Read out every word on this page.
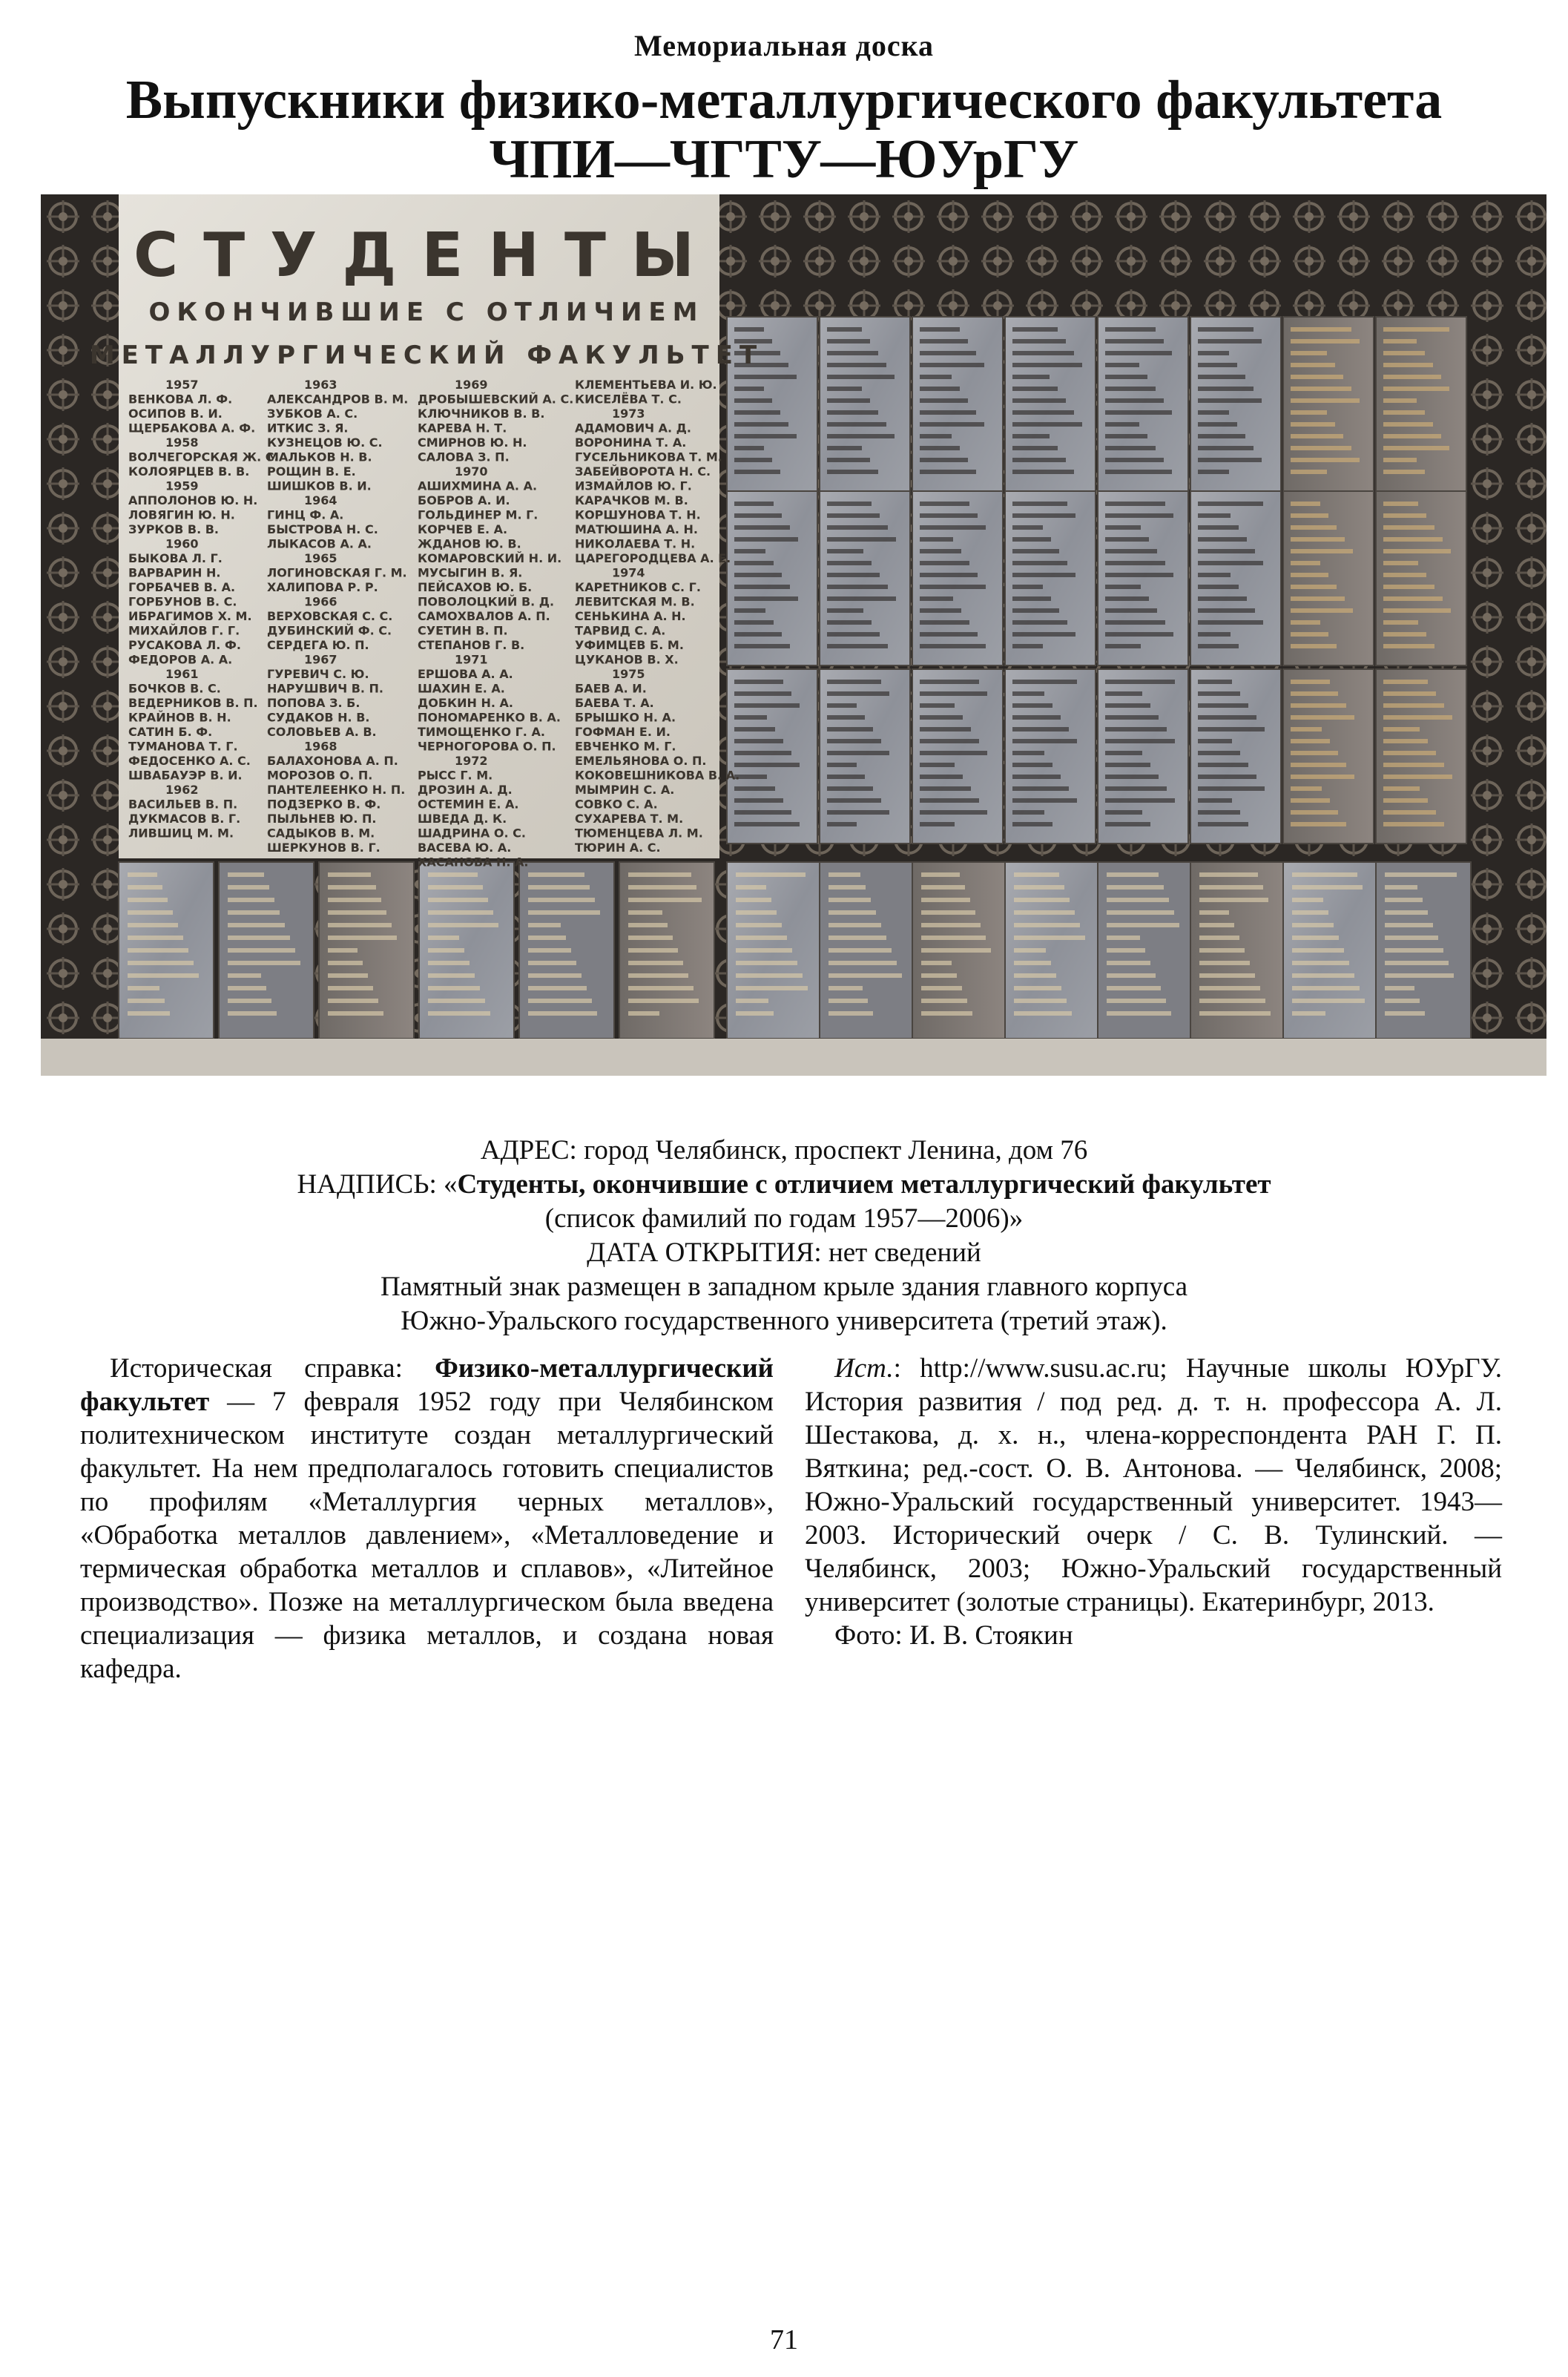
Мемориальная доска
Выпускники физико-металлургического факультета
ЧПИ—ЧГТУ—ЮУрГУ
СТУДЕНТЫ
ОКОНЧИВШИЕ С ОТЛИЧИЕМ
МЕТАЛЛУРГИЧЕСКИЙ ФАКУЛЬТЕТ
1957
ВЕНКОВА Л. Ф.
ОСИПОВ В. И.
ЩЕРБАКОВА А. Ф.
1958
ВОЛЧЕГОРСКАЯ Ж. С.
КОЛОЯРЦЕВ В. В.
1959
АППОЛОНОВ Ю. Н.
ЛОВЯГИН Ю. Н.
ЗУРКОВ В. В.
1960
БЫКОВА Л. Г.
ВАРВАРИН Н.
ГОРБАЧЕВ В. А.
ГОРБУНОВ В. С.
ИБРАГИМОВ Х. М.
МИХАЙЛОВ Г. Г.
РУСАКОВА Л. Ф.
ФЕДОРОВ А. А.
1961
БОЧКОВ В. С.
ВЕДЕРНИКОВ В. П.
КРАЙНОВ В. Н.
САТИН Б. Ф.
ТУМАНОВА Т. Г.
ФЕДОСЕНКО А. С.
ШВАБАУЭР В. И.
1962
ВАСИЛЬЕВ В. П.
ДУКМАСОВ В. Г.
ЛИВШИЦ М. М.
1963
АЛЕКСАНДРОВ В. М.
ЗУБКОВ А. С.
ИТКИС З. Я.
КУЗНЕЦОВ Ю. С.
МАЛЬКОВ Н. В.
РОЩИН В. Е.
ШИШКОВ В. И.
1964
ГИНЦ Ф. А.
БЫСТРОВА Н. С.
ЛЫКАСОВ А. А.
1965
ЛОГИНОВСКАЯ Г. М.
ХАЛИПОВА Р. Р.
1966
ВЕРХОВСКАЯ С. С.
ДУБИНСКИЙ Ф. С.
СЕРДЕГА Ю. П.
1967
ГУРЕВИЧ С. Ю.
НАРУШВИЧ В. П.
ПОПОВА З. Б.
СУДАКОВ Н. В.
СОЛОВЬЕВ А. В.
1968
БАЛАХОНОВА А. П.
МОРОЗОВ О. П.
ПАНТЕЛЕЕНКО Н. П.
ПОДЗЕРКО В. Ф.
ПЫЛЬНЕВ Ю. П.
САДЫКОВ В. М.
ШЕРКУНОВ В. Г.
1969
ДРОБЫШЕВСКИЙ А. С.
КЛЮЧНИКОВ В. В.
КАРЕВА Н. Т.
СМИРНОВ Ю. Н.
САЛОВА З. П.
1970
АШИХМИНА А. А.
БОБРОВ А. И.
ГОЛЬДИНЕР М. Г.
КОРЧЕВ Е. А.
ЖДАНОВ Ю. В.
КОМАРОВСКИЙ Н. И.
МУСЫГИН В. Я.
ПЕЙСАХОВ Ю. Б.
ПОВОЛОЦКИЙ В. Д.
САМОХВАЛОВ А. П.
СУЕТИН В. П.
СТЕПАНОВ Г. В.
1971
ЕРШОВА А. А.
ШАХИН Е. А.
ДОБКИН Н. А.
ПОНОМАРЕНКО В. А.
ТИМОЩЕНКО Г. А.
ЧЕРНОГОРОВА О. П.
1972
РЫСС Г. М.
ДРОЗИН А. Д.
ОСТЕМИН Е. А.
ШВЕДА Д. К.
ШАДРИНА О. С.
ВАСЕВА Ю. А.
ХАСАНОВА Н. А.
КЛЕМЕНТЬЕВА И. Ю.
КИСЕЛЁВА Т. С.
1973
АДАМОВИЧ А. Д.
ВОРОНИНА Т. А.
ГУСЕЛЬНИКОВА Т. М.
ЗАБЕЙВОРОТА Н. С.
ИЗМАЙЛОВ Ю. Г.
КАРАЧКОВ М. В.
КОРШУНОВА Т. Н.
МАТЮШИНА А. Н.
НИКОЛАЕВА Т. Н.
ЦАРЕГОРОДЦЕВА А. Е.
1974
КАРЕТНИКОВ С. Г.
ЛЕВИТСКАЯ М. В.
СЕНЬКИНА А. Н.
ТАРВИД С. А.
УФИМЦЕВ Б. М.
ЦУКАНОВ В. Х.
1975
БАЕВ А. И.
БАЕВА Т. А.
БРЫШКО Н. А.
ГОФМАН Е. И.
ЕВЧЕНКО М. Г.
ЕМЕЛЬЯНОВА О. П.
КОКОВЕШНИКОВА В. А.
МЫМРИН С. А.
СОВКО С. А.
СУХАРЕВА Т. М.
ТЮМЕНЦЕВА Л. М.
ТЮРИН А. С.
АДРЕС: город Челябинск, проспект Ленина, дом 76
НАДПИСЬ: «Студенты, окончившие с отличием металлургический факультет
(список фамилий по годам 1957—2006)»
ДАТА ОТКРЫТИЯ: нет сведений
Памятный знак размещен в западном крыле здания главного корпуса
Южно-Уральского государственного университета (третий этаж).

Историческая справка: Физико-металлургический факультет — 7 февраля 1952 году при Челябинском политехническом институте создан металлургический факультет. На нем предполагалось готовить специалистов по профилям «Металлургия черных металлов», «Обработка металлов давлением», «Металловедение и термическая обработка металлов и сплавов», «Литейное производство». Позже на металлургическом была введена специализация — физика металлов, и создана новая кафедра.

Ист.: http://www.susu.ac.ru; Научные школы ЮУрГУ. История развития / под ред. д. т. н. профессора А. Л. Шестакова, д. х. н., члена-корреспондента РАН Г. П. Вяткина; ред.-сост. О. В. Антонова. — Челябинск, 2008; Южно-Уральский государственный университет. 1943—2003. Исторический очерк / С. В. Тулинский. — Челябинск, 2003; Южно-Уральский государственный университет (золотые страницы). Екатеринбург, 2013.

Фото: И. В. Стоякин

71
